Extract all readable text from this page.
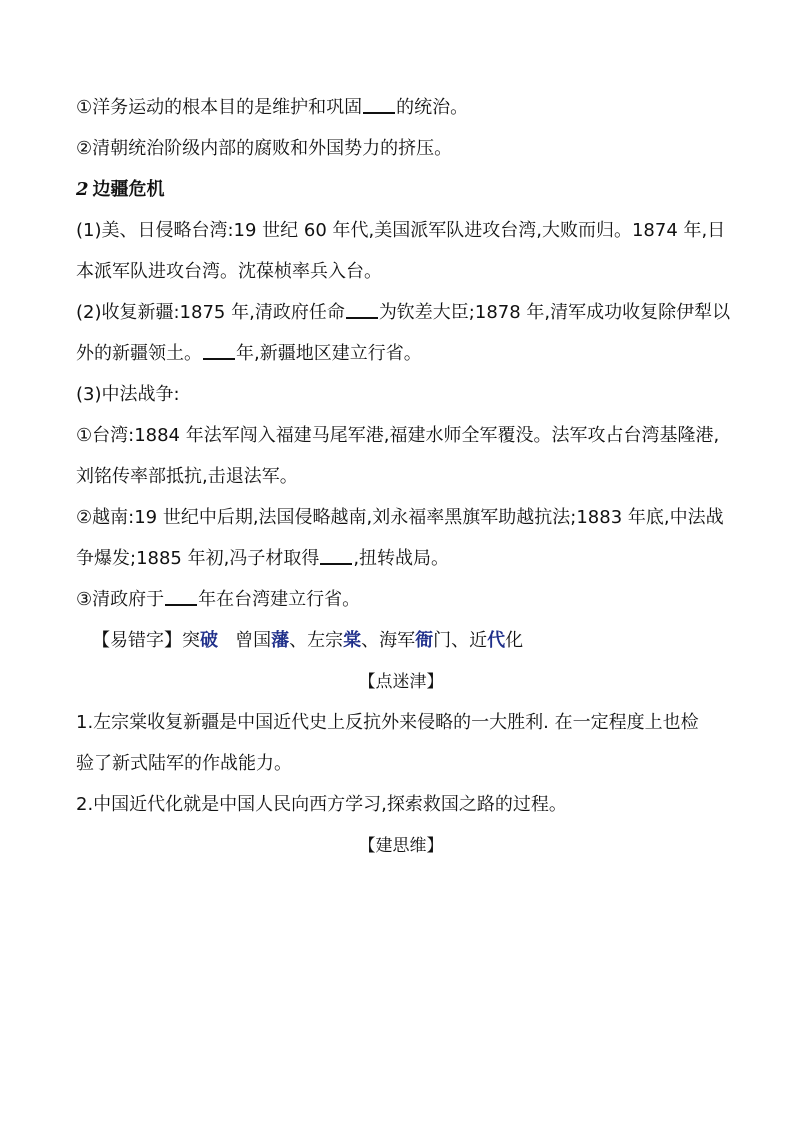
①洋务运动的根本目的是维护和巩固 的统治。

②清朝统治阶级内部的腐败和外国势力的挤压。

2 边疆危机

(1)美、日侵略台湾:19 世纪 60 年代,美国派军队进攻台湾,大败而归。1874 年,日

本派军队进攻台湾。沈葆桢率兵入台。

(2)收复新疆:1875 年,清政府任命 为钦差大臣;1878 年,清军成功收复除伊犁以

外的新疆领土。 年,新疆地区建立行省。

(3)中法战争:

①台湾:1884 年法军闯入福建马尾军港,福建水师全军覆没。法军攻占台湾基隆港,

刘铭传率部抵抗,击退法军。

②越南:19 世纪中后期,法国侵略越南,刘永福率黑旗军助越抗法;1883 年底,中法战

争爆发;1885 年初,冯子材取得 ,扭转战局。

③清政府于 年在台湾建立行省。

【易错字】突破   曾国藩、左宗棠、海军衙门、近代化

【点迷津】

1.左宗棠收复新疆是中国近代史上反抗外来侵略的一大胜利. 在一定程度上也检

验了新式陆军的作战能力。

2.中国近代化就是中国人民向西方学习,探索救国之路的过程。

【建思维】
